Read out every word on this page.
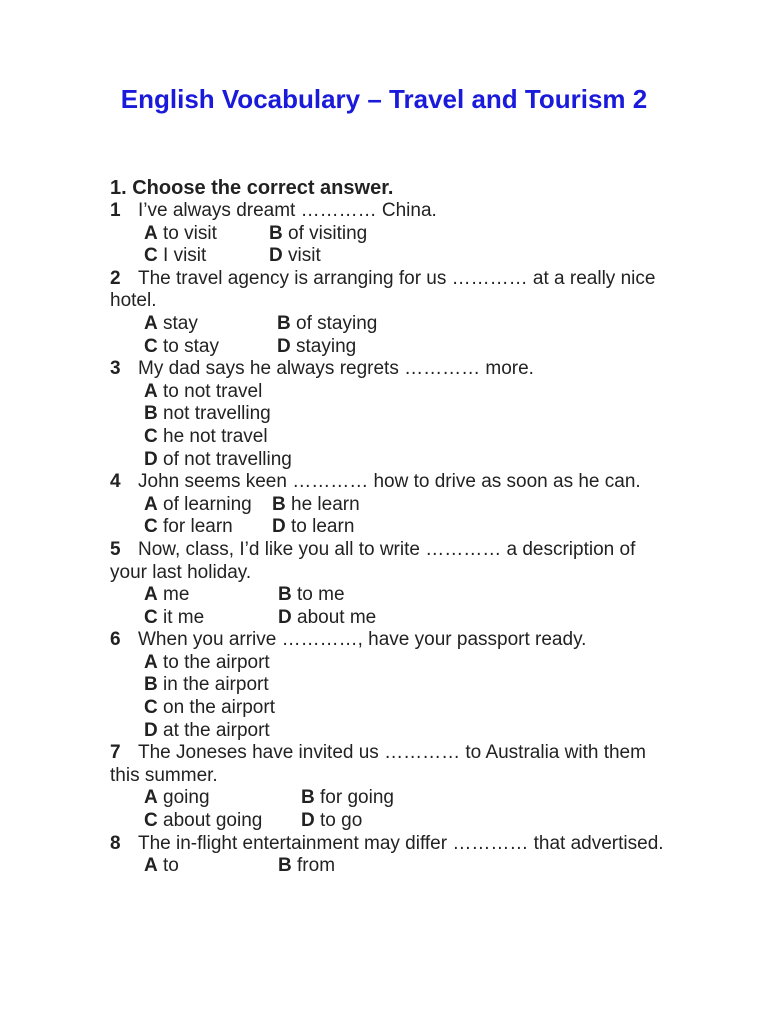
English Vocabulary – Travel and Tourism 2
1. Choose the correct answer.
1 I’ve always dreamt ………… China.
A to visit	B of visiting
C I visit	D visit
2 The travel agency is arranging for us ………… at a really nice hotel.
A stay	B of staying
C to stay	D staying
3 My dad says he always regrets ………… more.
A to not travel
B not travelling
C he not travel
D of not travelling
4 John seems keen ………… how to drive as soon as he can.
A of learning B he learn
C for learn D to learn
5 Now, class, I’d like you all to write ………… a description of your last holiday.
A me	B to me
C it me	D about me
6 When you arrive …………, have your passport ready.
A to the airport
B in the airport
C on the airport
D at the airport
7 The Joneses have invited us ………… to Australia with them this summer.
A going	B for going
C about going D to go
8 The in-flight entertainment may differ ………… that advertised.
A to	B from
